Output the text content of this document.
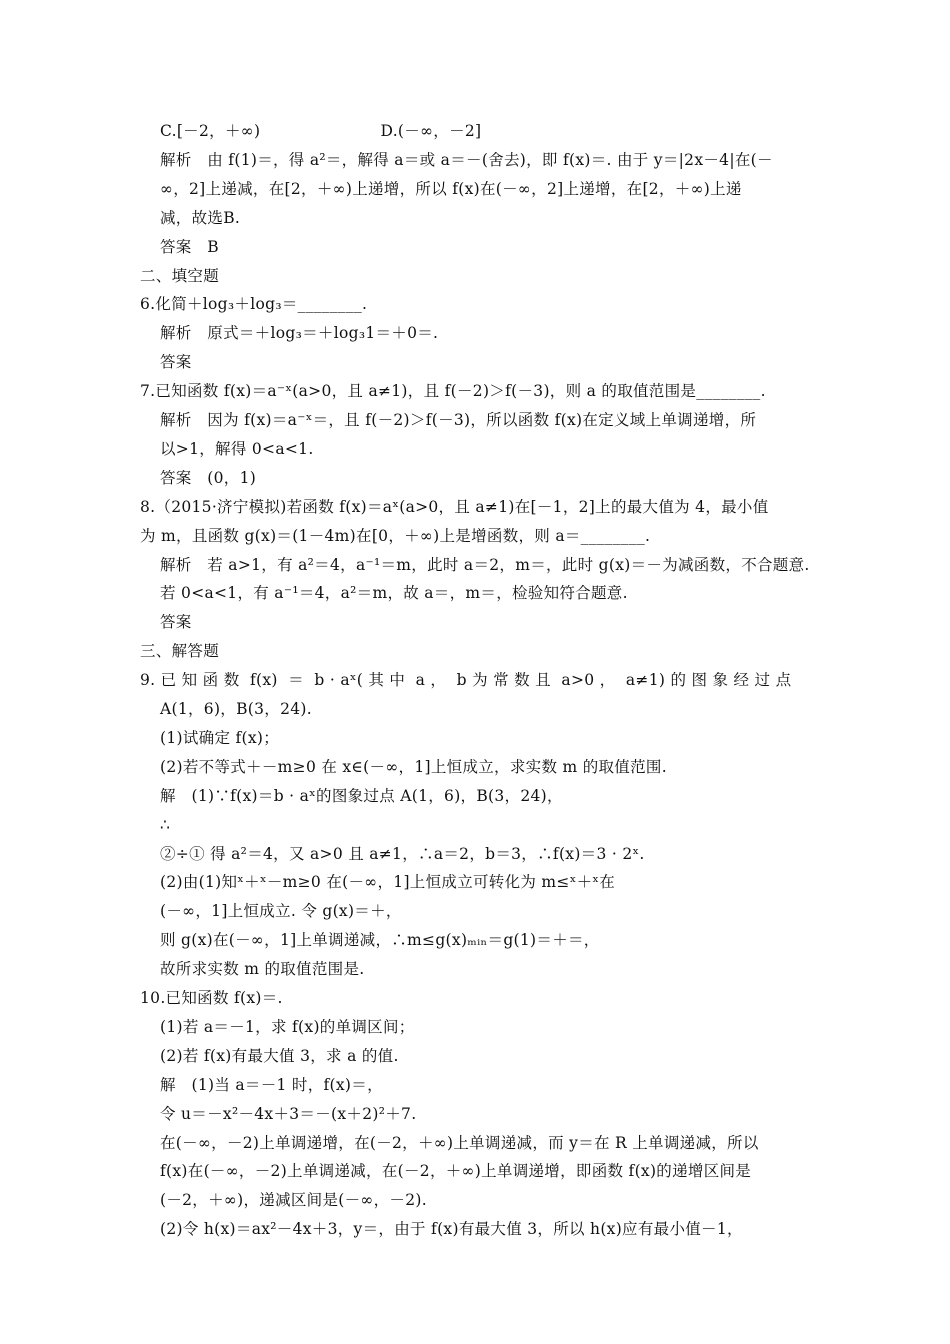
C.[－2，＋∞)                       D.(－∞，－2]
解析   由 f(1)＝，得 a²＝，解得 a＝或 a＝－(舍去)，即 f(x)＝. 由于 y＝|2x－4|在(－
∞，2]上递减，在[2，＋∞)上递增，所以 f(x)在(－∞，2]上递增，在[2，＋∞)上递
减，故选B.
答案   B
二、填空题
6.化简＋log₃＋log₃＝________.
解析   原式＝＋log₃＝＋log₃1＝＋0＝.
答案
7.已知函数 f(x)＝a⁻ˣ(a>0，且 a≠1)，且 f(－2)＞f(－3)，则 a 的取值范围是________.
解析   因为 f(x)＝a⁻ˣ＝，且 f(－2)＞f(－3)，所以函数 f(x)在定义域上单调递增，所
以>1，解得 0<a<1.
答案   (0，1)
8.（2015·济宁模拟)若函数 f(x)＝aˣ(a>0，且 a≠1)在[－1，2]上的最大值为 4，最小值
为 m，且函数 g(x)＝(1－4m)在[0，＋∞)上是增函数，则 a＝________.
解析   若 a>1，有 a²＝4，a⁻¹＝m，此时 a＝2，m＝，此时 g(x)＝－为减函数，不合题意.
若 0<a<1，有 a⁻¹＝4，a²＝m，故 a＝，m＝，检验知符合题意.
答案
三、解答题
9. 已 知 函 数  f(x)  ＝  b · aˣ( 其 中  a ，  b 为 常 数 且  a>0 ，  a≠1) 的 图 象 经 过 点
A(1，6)，B(3，24).
(1)试确定 f(x)；
(2)若不等式＋－m≥0 在 x∈(－∞，1]上恒成立，求实数 m 的取值范围.
解   (1)∵f(x)＝b · aˣ的图象过点 A(1，6)，B(3，24)，
∴
②÷① 得 a²＝4，又 a>0 且 a≠1，∴a＝2，b＝3，∴f(x)＝3 · 2ˣ.
(2)由(1)知ˣ＋ˣ－m≥0 在(－∞，1]上恒成立可转化为 m≤ˣ＋ˣ在
(－∞，1]上恒成立. 令 g(x)＝＋，
则 g(x)在(－∞，1]上单调递减，∴m≤g(x)ₘᵢₙ＝g(1)＝＋＝，
故所求实数 m 的取值范围是.
10.已知函数 f(x)＝.
(1)若 a＝－1，求 f(x)的单调区间；
(2)若 f(x)有最大值 3，求 a 的值.
解   (1)当 a＝－1 时，f(x)＝，
令 u＝－x²－4x＋3＝－(x＋2)²＋7.
在(－∞，－2)上单调递增，在(－2，＋∞)上单调递减，而 y＝在 R 上单调递减，所以
f(x)在(－∞，－2)上单调递减，在(－2，＋∞)上单调递增，即函数 f(x)的递增区间是
(－2，＋∞)，递减区间是(－∞，－2).
(2)令 h(x)＝ax²－4x＋3，y＝，由于 f(x)有最大值 3，所以 h(x)应有最小值－1，
